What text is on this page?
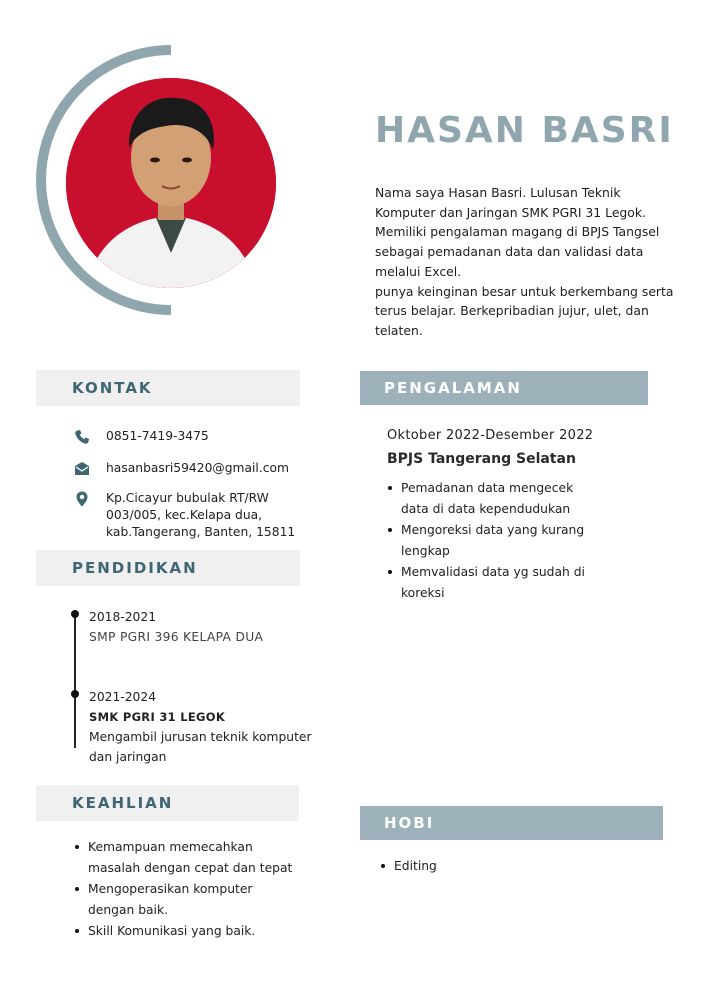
HASAN BASRI

Nama saya Hasan Basri. Lulusan Teknik Komputer dan Jaringan SMK PGRI 31 Legok. Memiliki pengalaman magang di BPJS Tangsel sebagai pemadanan data dan validasi data melalui Excel.

punya keinginan besar untuk berkembang serta terus belajar. Berkepribadian jujur, ulet, dan telaten.

KONTAK
0851-7419-3475
hasanbasri59420@gmail.com
Kp.Cicayur bubulak RT/RW
003/005, kec.Kelapa dua,
kab.Tangerang, Banten, 15811
PENDIDIKAN
2018-2021
SMP PGRI 396 KELAPA DUA
2021-2024
SMK PGRI 31 LEGOK
Mengambil jurusan teknik komputer dan jaringan
KEAHLIAN
Kemampuan memecahkan masalah dengan cepat dan tepat
Mengoperasikan komputer dengan baik.
Skill Komunikasi yang baik.
PENGALAMAN
Oktober 2022-Desember 2022
BPJS Tangerang Selatan
Pemadanan data mengecek data di data kependudukan
Mengoreksi data yang kurang lengkap
Memvalidasi data yg sudah di koreksi
HOBI
Editing
